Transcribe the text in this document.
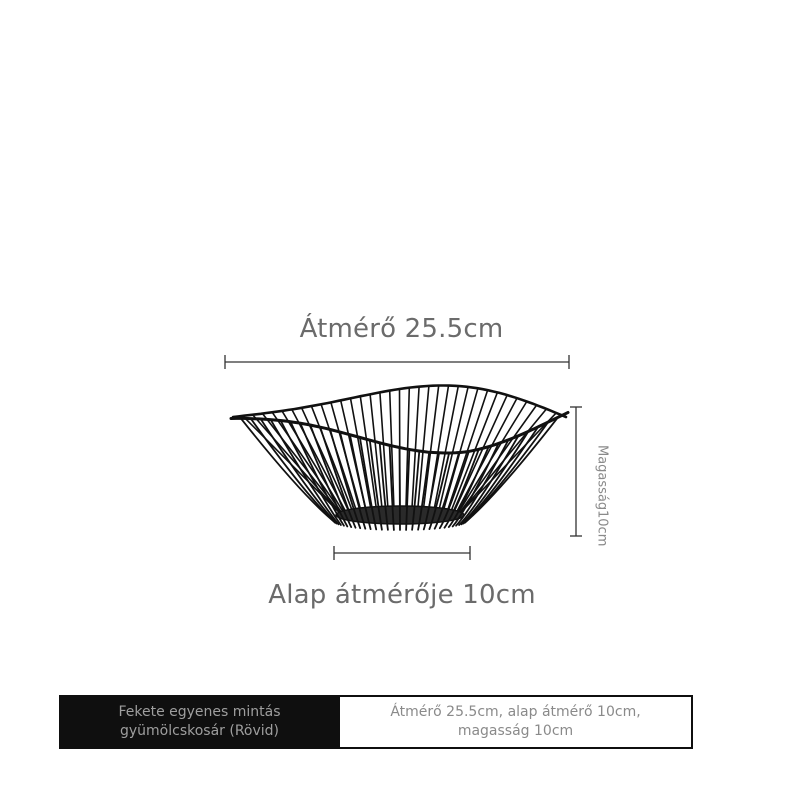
Átmérő 25.5cm
Magasság
10cm
Alap átmérője 10cm
Fekete egyenes mintás gyümölcskosár (Rövid)
Átmérő 25.5cm, alap átmérő 10cm, magasság 10cm
